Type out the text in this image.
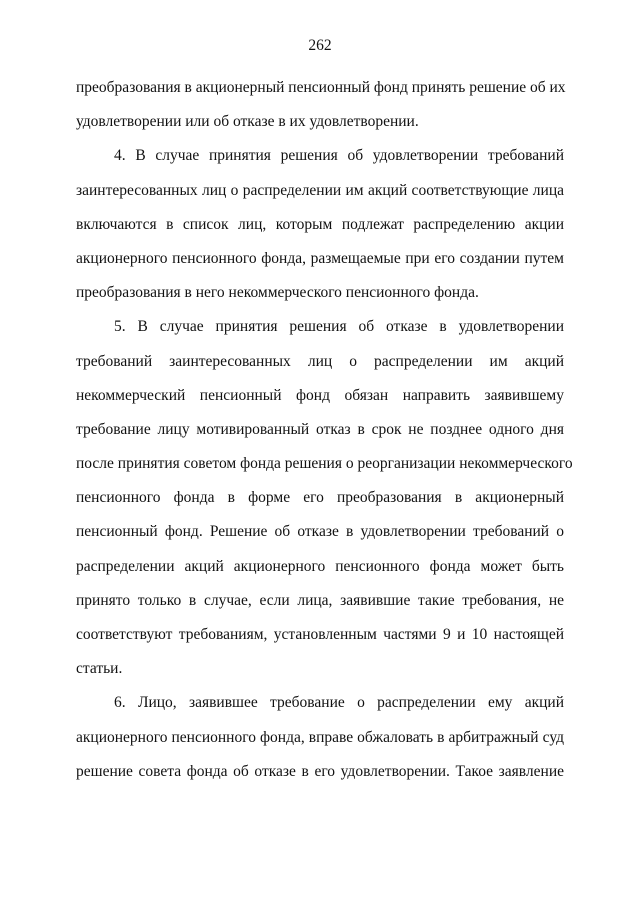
262
преобразования в акционерный пенсионный фонд принять решение об их
удовлетворении или об отказе в их удовлетворении.
4. В случае принятия решения об удовлетворении требований
заинтересованных лиц о распределении им акций соответствующие лица
включаются в список лиц, которым подлежат распределению акции
акционерного пенсионного фонда, размещаемые при его создании путем
преобразования в него некоммерческого пенсионного фонда.
5. В случае принятия решения об отказе в удовлетворении
требований заинтересованных лиц о распределении им акций
некоммерческий пенсионный фонд обязан направить заявившему
требование лицу мотивированный отказ в срок не позднее одного дня
после принятия советом фонда решения о реорганизации некоммерческого
пенсионного фонда в форме его преобразования в акционерный
пенсионный фонд. Решение об отказе в удовлетворении требований о
распределении акций акционерного пенсионного фонда может быть
принято только в случае, если лица, заявившие такие требования, не
соответствуют требованиям, установленным частями 9 и 10 настоящей
статьи.
6. Лицо, заявившее требование о распределении ему акций
акционерного пенсионного фонда, вправе обжаловать в арбитражный суд
решение совета фонда об отказе в его удовлетворении. Такое заявление
